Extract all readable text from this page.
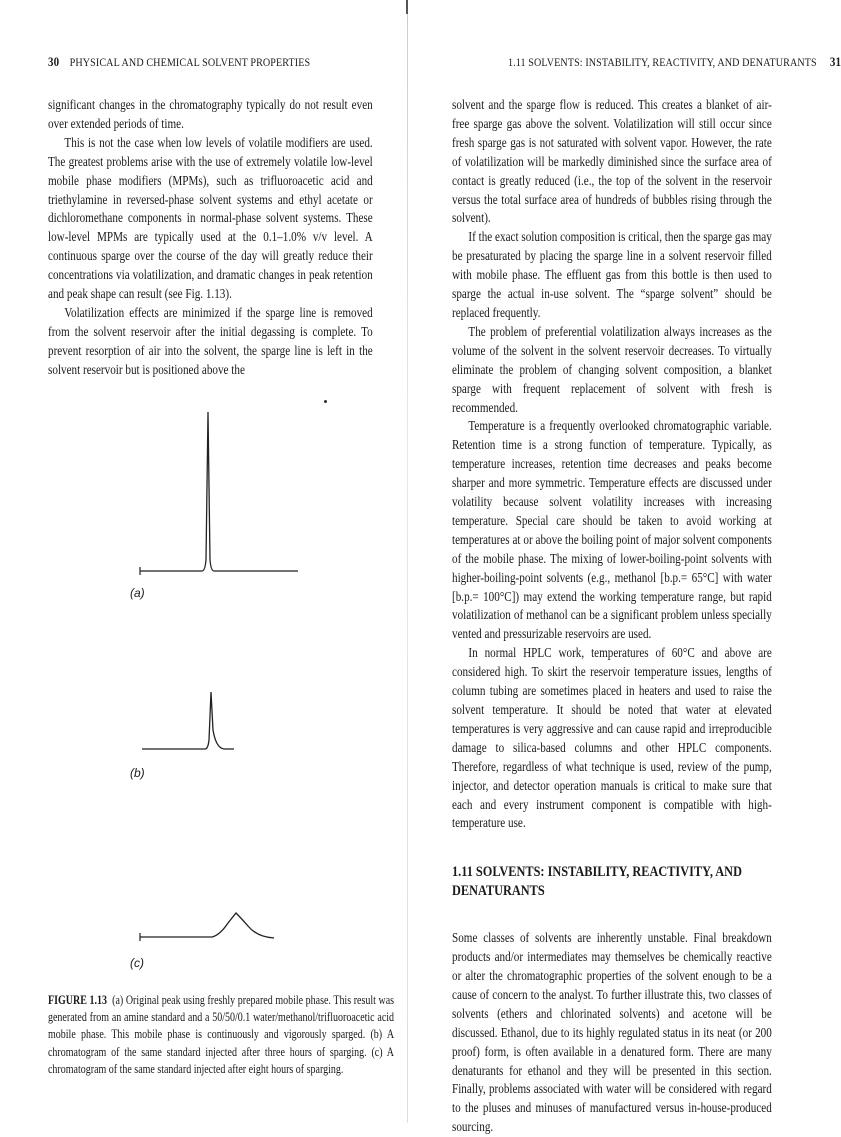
30 PHYSICAL AND CHEMICAL SOLVENT PROPERTIES	1.11 SOLVENTS: INSTABILITY, REACTIVITY, AND DENATURANTS 31

significant changes in the chromatography typically do not result even over extended periods of time.

This is not the case when low levels of volatile modifiers are used. The greatest problems arise with the use of extremely volatile low-level mobile phase modifiers (MPMs), such as trifluoroacetic acid and triethylamine in reversed-phase solvent systems and ethyl acetate or dichloromethane components in normal-phase solvent systems. These low-level MPMs are typically used at the 0.1–1.0% v/v level. A continuous sparge over the course of the day will greatly reduce their concentrations via volatilization, and dramatic changes in peak retention and peak shape can result (see Fig. 1.13).

Volatilization effects are minimized if the sparge line is removed from the solvent reservoir after the initial degassing is complete. To prevent resorption of air into the solvent, the sparge line is left in the solvent reservoir but is positioned above the

(a)
(b)
(c)
FIGURE 1.13 (a) Original peak using freshly prepared mobile phase. This result was generated from an amine standard and a 50/50/0.1 water/methanol/trifluoroacetic acid mobile phase. This mobile phase is continuously and vigorously sparged. (b) A chromatogram of the same standard injected after three hours of sparging. (c) A chromatogram of the same standard injected after eight hours of sparging.

solvent and the sparge flow is reduced. This creates a blanket of air-free sparge gas above the solvent. Volatilization will still occur since fresh sparge gas is not saturated with solvent vapor. However, the rate of volatilization will be markedly diminished since the surface area of contact is greatly reduced (i.e., the top of the solvent in the reservoir versus the total surface area of hundreds of bubbles rising through the solvent).

If the exact solution composition is critical, then the sparge gas may be presaturated by placing the sparge line in a solvent reservoir filled with mobile phase. The effluent gas from this bottle is then used to sparge the actual in-use solvent. The “sparge solvent” should be replaced frequently.

The problem of preferential volatilization always increases as the volume of the solvent in the solvent reservoir decreases. To virtually eliminate the problem of changing solvent composition, a blanket sparge with frequent replacement of solvent with fresh is recommended.

Temperature is a frequently overlooked chromatographic variable. Retention time is a strong function of temperature. Typically, as temperature increases, retention time decreases and peaks become sharper and more symmetric. Temperature effects are discussed under volatility because solvent volatility increases with increasing temperature. Special care should be taken to avoid working at temperatures at or above the boiling point of major solvent components of the mobile phase. The mixing of lower-boiling-point solvents with higher-boiling-point solvents (e.g., methanol [b.p.= 65°C] with water [b.p.= 100°C]) may extend the working temperature range, but rapid volatilization of methanol can be a significant problem unless specially vented and pressurizable reservoirs are used.

In normal HPLC work, temperatures of 60°C and above are considered high. To skirt the reservoir temperature issues, lengths of column tubing are sometimes placed in heaters and used to raise the solvent temperature. It should be noted that water at elevated temperatures is very aggressive and can cause rapid and irreproducible damage to silica-based columns and other HPLC components. Therefore, regardless of what technique is used, review of the pump, injector, and detector operation manuals is critical to make sure that each and every instrument component is compatible with high-temperature use.

1.11 SOLVENTS: INSTABILITY, REACTIVITY, AND DENATURANTS

Some classes of solvents are inherently unstable. Final breakdown products and/or intermediates may themselves be chemically reactive or alter the chromatographic properties of the solvent enough to be a cause of concern to the analyst. To further illustrate this, two classes of solvents (ethers and chlorinated solvents) and acetone will be discussed. Ethanol, due to its highly regulated status in its neat (or 200 proof) form, is often available in a denatured form. There are many denaturants for ethanol and they will be presented in this section. Finally, problems associated with water will be considered with regard to the pluses and minuses of manufactured versus in-house-produced sourcing.
